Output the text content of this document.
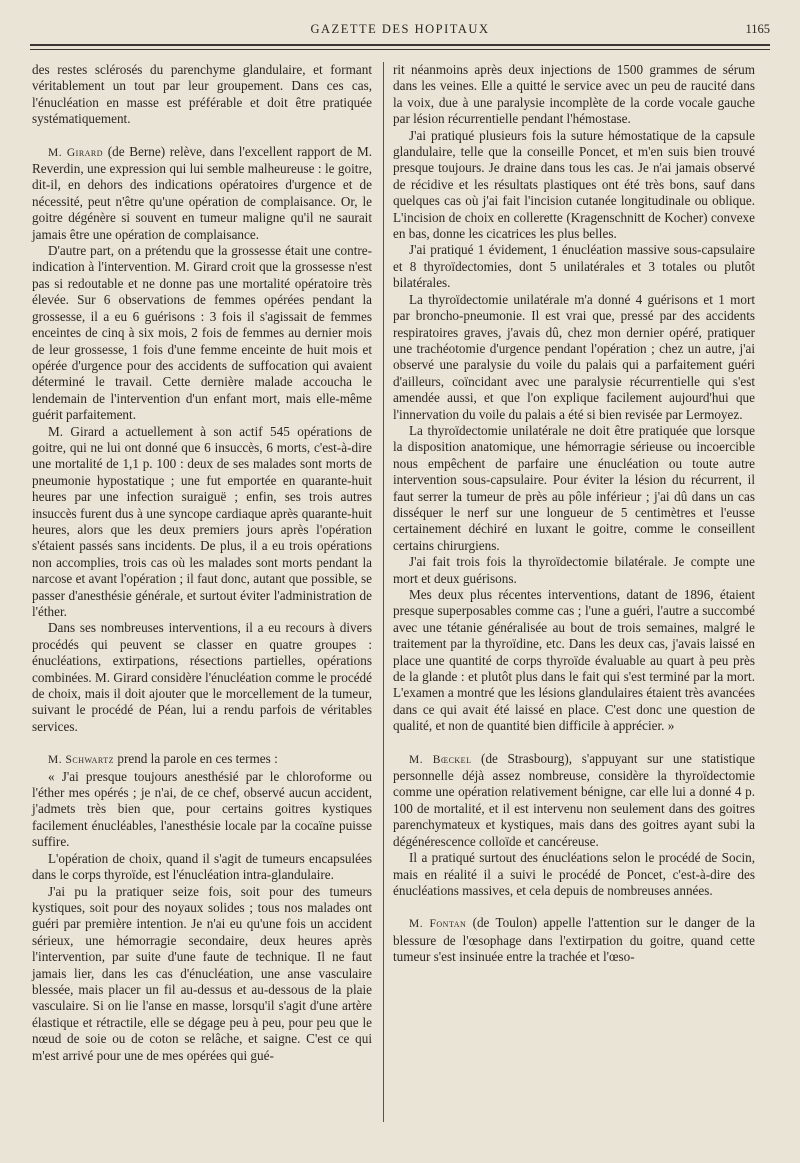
GAZETTE DES HOPITAUX	1165

des restes sclérosés du parenchyme glandulaire, et formant véritablement un tout par leur groupement. Dans ces cas, l'énucléation en masse est préférable et doit être pratiquée systématiquement.

M. Girard (de Berne) relève, dans l'excellent rapport de M. Reverdin, une expression qui lui semble malheureuse : le goitre, dit-il, en dehors des indications opératoires d'urgence et de nécessité, peut n'être qu'une opération de complaisance. Or, le goitre dégénère si souvent en tumeur maligne qu'il ne saurait jamais être une opération de complaisance.

D'autre part, on a prétendu que la grossesse était une contre-indication à l'intervention. M. Girard croit que la grossesse n'est pas si redoutable et ne donne pas une mortalité opératoire très élevée. Sur 6 observations de femmes opérées pendant la grossesse, il a eu 6 guérisons : 3 fois il s'agissait de femmes enceintes de cinq à six mois, 2 fois de femmes au dernier mois de leur grossesse, 1 fois d'une femme enceinte de huit mois et opérée d'urgence pour des accidents de suffocation qui avaient déterminé le travail. Cette dernière malade accoucha le lendemain de l'intervention d'un enfant mort, mais elle-même guérit parfaitement.

M. Girard a actuellement à son actif 545 opérations de goitre, qui ne lui ont donné que 6 insuccès, 6 morts, c'est-à-dire une mortalité de 1,1 p. 100 : deux de ses malades sont morts de pneumonie hypostatique ; une fut emportée en quarante-huit heures par une infection suraiguë ; enfin, ses trois autres insuccès furent dus à une syncope cardiaque après quarante-huit heures, alors que les deux premiers jours après l'opération s'étaient passés sans incidents. De plus, il a eu trois opérations non accomplies, trois cas où les malades sont morts pendant la narcose et avant l'opération ; il faut donc, autant que possible, se passer d'anesthésie générale, et surtout éviter l'administration de l'éther.

Dans ses nombreuses interventions, il a eu recours à divers procédés qui peuvent se classer en quatre groupes : énucléations, extirpations, résections partielles, opérations combinées. M. Girard considère l'énucléation comme le procédé de choix, mais il doit ajouter que le morcellement de la tumeur, suivant le procédé de Péan, lui a rendu parfois de véritables services.

M. Schwartz prend la parole en ces termes :

« J'ai presque toujours anesthésié par le chloroforme ou l'éther mes opérés ; je n'ai, de ce chef, observé aucun accident, j'admets très bien que, pour certains goitres kystiques facilement énucléables, l'anesthésie locale par la cocaïne puisse suffire.

L'opération de choix, quand il s'agit de tumeurs encapsulées dans le corps thyroïde, est l'énucléation intra-glandulaire.

J'ai pu la pratiquer seize fois, soit pour des tumeurs kystiques, soit pour des noyaux solides ; tous nos malades ont guéri par première intention. Je n'ai eu qu'une fois un accident sérieux, une hémorragie secondaire, deux heures après l'intervention, par suite d'une faute de technique. Il ne faut jamais lier, dans les cas d'énucléation, une anse vasculaire blessée, mais placer un fil au-dessus et au-dessous de la plaie vasculaire. Si on lie l'anse en masse, lorsqu'il s'agit d'une artère élastique et rétractile, elle se dégage peu à peu, pour peu que le nœud de soie ou de coton se relâche, et saigne. C'est ce qui m'est arrivé pour une de mes opérées qui gué-

rit néanmoins après deux injections de 1500 grammes de sérum dans les veines. Elle a quitté le service avec un peu de raucité dans la voix, due à une paralysie incomplète de la corde vocale gauche par lésion récurrentielle pendant l'hémostase.

J'ai pratiqué plusieurs fois la suture hémostatique de la capsule glandulaire, telle que la conseille Poncet, et m'en suis bien trouvé presque toujours. Je draine dans tous les cas. Je n'ai jamais observé de récidive et les résultats plastiques ont été très bons, sauf dans quelques cas où j'ai fait l'incision cutanée longitudinale ou oblique. L'incision de choix en collerette (Kragenschnitt de Kocher) convexe en bas, donne les cicatrices les plus belles.

J'ai pratiqué 1 évidement, 1 énucléation massive sous-capsulaire et 8 thyroïdectomies, dont 5 unilatérales et 3 totales ou plutôt bilatérales.

La thyroïdectomie unilatérale m'a donné 4 guérisons et 1 mort par broncho-pneumonie. Il est vrai que, pressé par des accidents respiratoires graves, j'avais dû, chez mon dernier opéré, pratiquer une trachéotomie d'urgence pendant l'opération ; chez un autre, j'ai observé une paralysie du voile du palais qui a parfaitement guéri d'ailleurs, coïncidant avec une paralysie récurrentielle qui s'est amendée aussi, et que l'on explique facilement aujourd'hui que l'innervation du voile du palais a été si bien revisée par Lermoyez.

La thyroïdectomie unilatérale ne doit être pratiquée que lorsque la disposition anatomique, une hémorragie sérieuse ou incoercible nous empêchent de parfaire une énucléation ou toute autre intervention sous-capsulaire. Pour éviter la lésion du récurrent, il faut serrer la tumeur de près au pôle inférieur ; j'ai dû dans un cas disséquer le nerf sur une longueur de 5 centimètres et l'eusse certainement déchiré en luxant le goitre, comme le conseillent certains chirurgiens.

J'ai fait trois fois la thyroïdectomie bilatérale. Je compte une mort et deux guérisons.

Mes deux plus récentes interventions, datant de 1896, étaient presque superposables comme cas ; l'une a guéri, l'autre a succombé avec une tétanie généralisée au bout de trois semaines, malgré le traitement par la thyroïdine, etc. Dans les deux cas, j'avais laissé en place une quantité de corps thyroïde évaluable au quart à peu près de la glande : et plutôt plus dans le fait qui s'est terminé par la mort. L'examen a montré que les lésions glandulaires étaient très avancées dans ce qui avait été laissé en place. C'est donc une question de qualité, et non de quantité bien difficile à apprécier. »

M. Bœckel (de Strasbourg), s'appuyant sur une statistique personnelle déjà assez nombreuse, considère la thyroïdectomie comme une opération relativement bénigne, car elle lui a donné 4 p. 100 de mortalité, et il est intervenu non seulement dans des goitres parenchymateux et kystiques, mais dans des goitres ayant subi la dégénérescence colloïde et cancéreuse.

Il a pratiqué surtout des énucléations selon le procédé de Socin, mais en réalité il a suivi le procédé de Poncet, c'est-à-dire des énucléations massives, et cela depuis de nombreuses années.

M. Fontan (de Toulon) appelle l'attention sur le danger de la blessure de l'œsophage dans l'extirpation du goitre, quand cette tumeur s'est insinuée entre la trachée et l'œso-
